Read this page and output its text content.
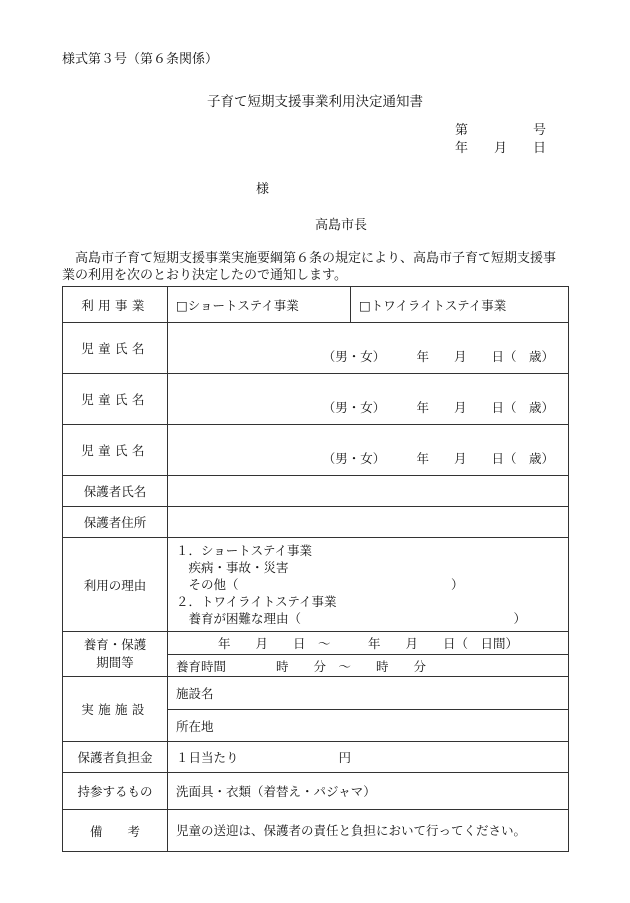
様式第３号（第６条関係）
子育て短期支援事業利用決定通知書
第　　　　　号
年　　月　　日
様
高島市長
高島市子育て短期支援事業実施要綱第６条の規定により、高島市子育て短期支援事業の利用を次のとおり決定したので通知します。
利用事業	□ショートステイ事業	□トワイライトステイ事業
児童氏名	（男・女）　　　年　　月　　日（　歳）	

児童氏名	（男・女）　　　年　　月　　日（　歳）	

児童氏名	（男・女）　　　年　　月　　日（　歳）	

保護者氏名		
保護者住所		
利用の理由	１．ショートステイ事業
　疾病・事故・災害
　その他（　　　　　　　　　　　　　　　　　）
２．トワイライトステイ事業
　養育が困難な理由（　　　　　　　　　　　　　　　　　）	

養育・保護
期間等	年　　月　　日　～　　　年　　月　　日（　日間）	
	養育時間　　　　時　　分　～　　時　　分	
実施施設	施設名	
	所在地	
保護者負担金	１日当たり　　　　　　　　円	
持参するもの	洗面具・衣類（着替え・パジャマ）	
備　　考	児童の送迎は、保護者の責任と負担において行ってください。	
